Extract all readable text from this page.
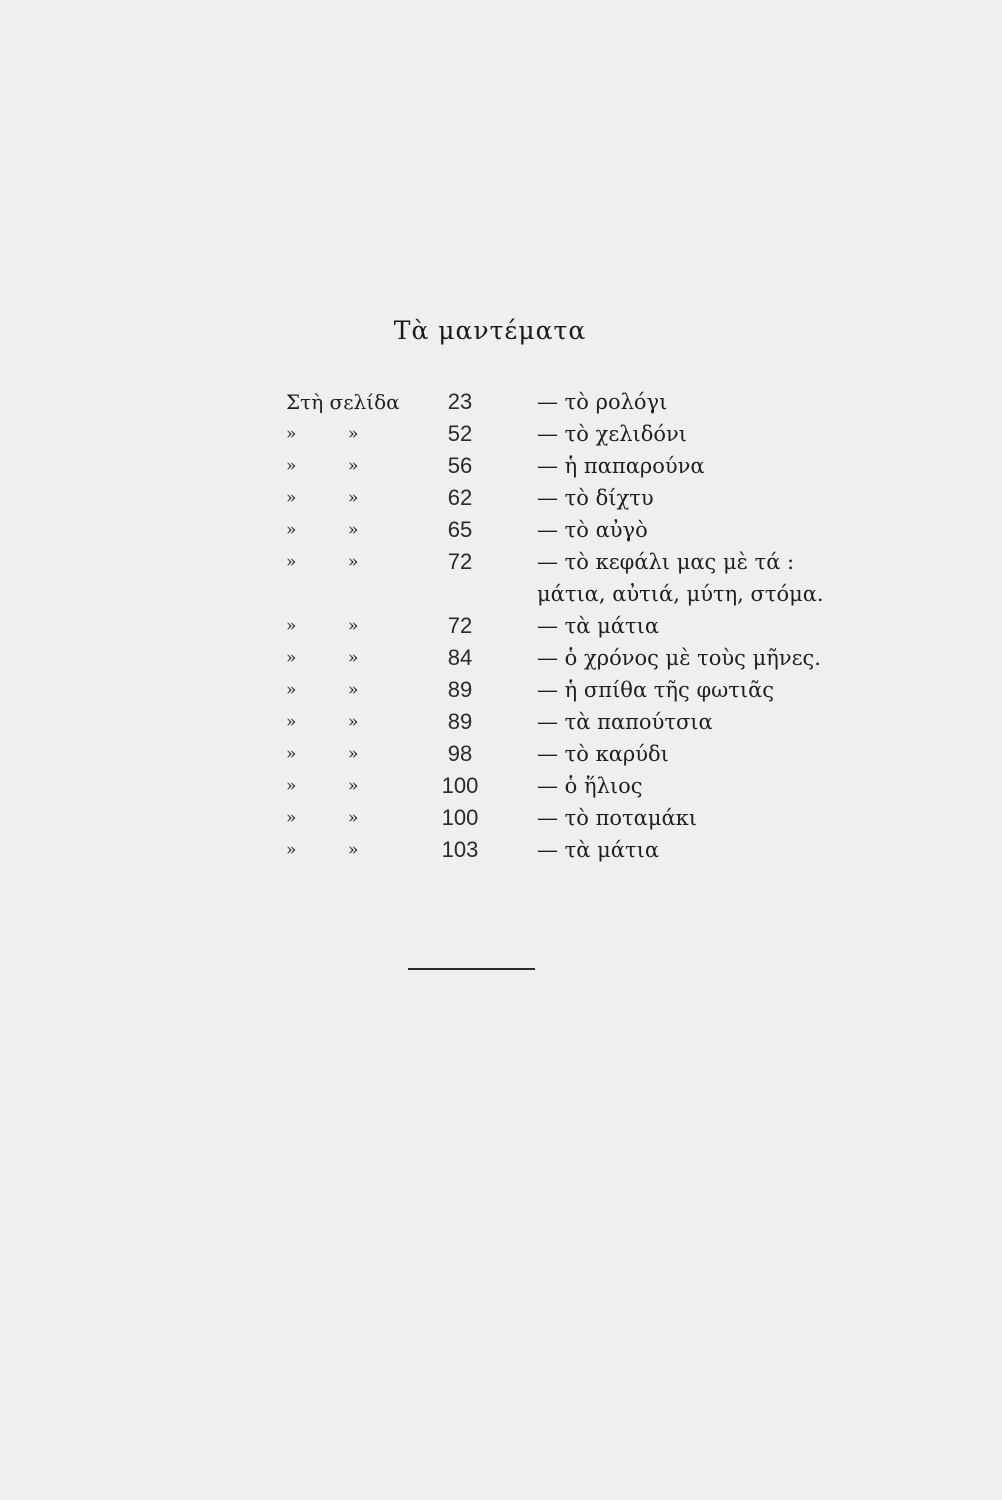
Τὰ μαντέματα
Στὴ σελίδα	23	— τὸ ρολόγι
»	»	52	— τὸ χελιδόνι
»	»	56	— ἡ παπαρούνα
»	»	62	— τὸ δίχτυ
»	»	65	— τὸ αὐγὸ
»	»	72	— τὸ κεφάλι μας μὲ τά :
μάτια, αὐτιά, μύτη, στόμα.
»	»	72	— τὰ μάτια
»	»	84	— ὁ χρόνος μὲ τοὺς μῆνες.
»	»	89	— ἡ σπίθα τῆς φωτιᾶς
»	»	89	— τὰ παπούτσια
»	»	98	— τὸ καρύδι
»	»	100	— ὁ ἥλιος
»	»	100	— τὸ ποταμάκι
»	»	103	— τὰ μάτια
